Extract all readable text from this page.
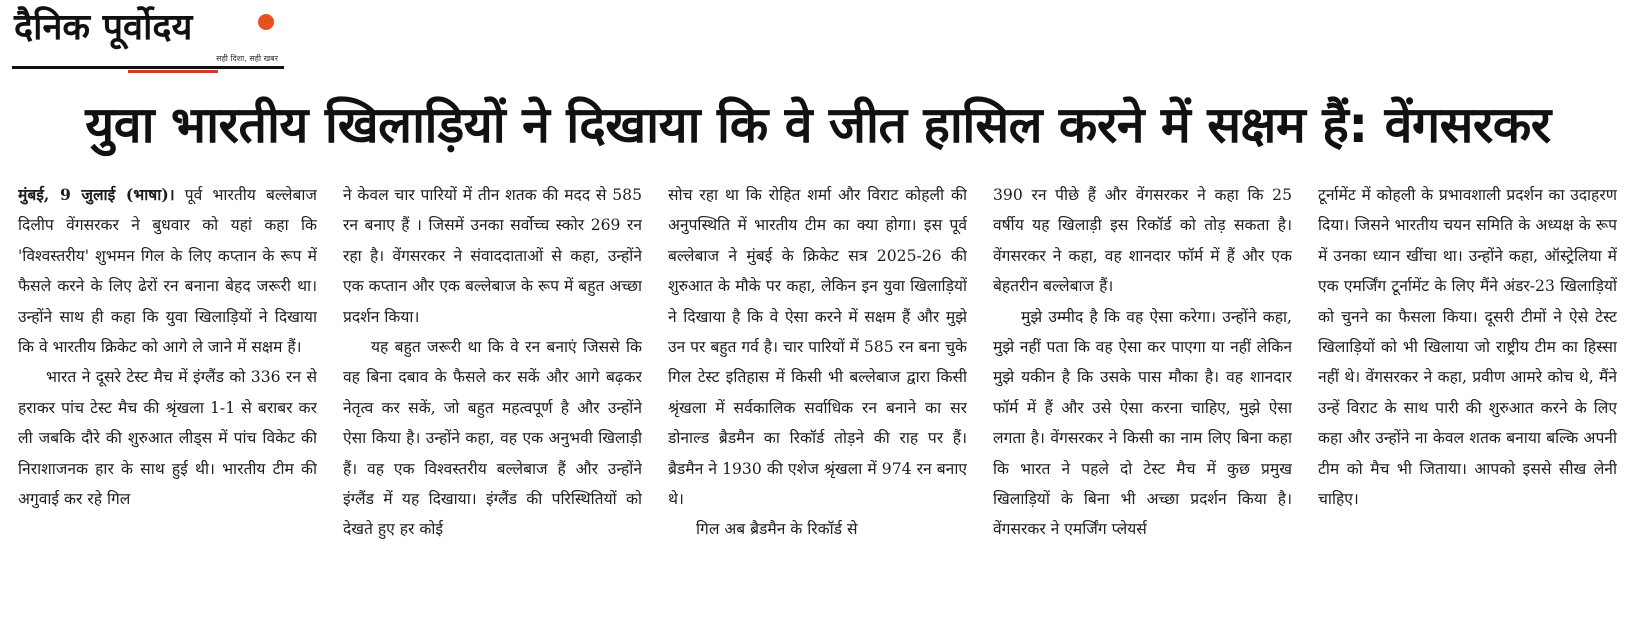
दैनिक पूर्वोदय
सही दिशा, सही खबर
युवा भारतीय खिलाड़ियों ने दिखाया कि वे जीत हासिल करने में सक्षम हैं: वेंगसरकर

मुंबई, 9 जुलाई (भाषा)। पूर्व भारतीय बल्लेबाज दिलीप वेंगसरकर ने बुधवार को यहां कहा कि 'विश्वस्तरीय' शुभमन गिल के लिए कप्तान के रूप में फैसले करने के लिए ढेरों रन बनाना बेहद जरूरी था। उन्होंने साथ ही कहा कि युवा खिलाड़ियों ने दिखाया कि वे भारतीय क्रिकेट को आगे ले जाने में सक्षम हैं।

भारत ने दूसरे टेस्ट मैच में इंग्लैंड को 336 रन से हराकर पांच टेस्ट मैच की श्रृंखला 1-1 से बराबर कर ली जबकि दौरे की शुरुआत लीड्स में पांच विकेट की निराशाजनक हार के साथ हुई थी। भारतीय टीम की अगुवाई कर रहे गिल

ने केवल चार पारियों में तीन शतक की मदद से 585 रन बनाए हैं । जिसमें उनका सर्वोच्च स्कोर 269 रन रहा है। वेंगसरकर ने संवाददाताओं से कहा, उन्होंने एक कप्तान और एक बल्लेबाज के रूप में बहुत अच्छा प्रदर्शन किया।

यह बहुत जरूरी था कि वे रन बनाएं जिससे कि वह बिना दबाव के फैसले कर सकें और आगे बढ़कर नेतृत्व कर सकें, जो बहुत महत्वपूर्ण है और उन्होंने ऐसा किया है। उन्होंने कहा, वह एक अनुभवी खिलाड़ी हैं। वह एक विश्वस्तरीय बल्लेबाज हैं और उन्होंने इंग्लैंड में यह दिखाया। इंग्लैंड की परिस्थितियों को देखते हुए हर कोई

सोच रहा था कि रोहित शर्मा और विराट कोहली की अनुपस्थिति में भारतीय टीम का क्या होगा। इस पूर्व बल्लेबाज ने मुंबई के क्रिकेट सत्र 2025-26 की शुरुआत के मौके पर कहा, लेकिन इन युवा खिलाड़ियों ने दिखाया है कि वे ऐसा करने में सक्षम हैं और मुझे उन पर बहुत गर्व है। चार पारियों में 585 रन बना चुके गिल टेस्ट इतिहास में किसी भी बल्लेबाज द्वारा किसी श्रृंखला में सर्वकालिक सर्वाधिक रन बनाने का सर डोनाल्ड ब्रैडमैन का रिकॉर्ड तोड़ने की राह पर हैं। ब्रैडमैन ने 1930 की एशेज श्रृंखला में 974 रन बनाए थे।

गिल अब ब्रैडमैन के रिकॉर्ड से

390 रन पीछे हैं और वेंगसरकर ने कहा कि 25 वर्षीय यह खिलाड़ी इस रिकॉर्ड को तोड़ सकता है। वेंगसरकर ने कहा, वह शानदार फॉर्म में हैं और एक बेहतरीन बल्लेबाज हैं।

मुझे उम्मीद है कि वह ऐसा करेगा। उन्होंने कहा, मुझे नहीं पता कि वह ऐसा कर पाएगा या नहीं लेकिन मुझे यकीन है कि उसके पास मौका है। वह शानदार फॉर्म में हैं और उसे ऐसा करना चाहिए, मुझे ऐसा लगता है। वेंगसरकर ने किसी का नाम लिए बिना कहा कि भारत ने पहले दो टेस्ट मैच में कुछ प्रमुख खिलाड़ियों के बिना भी अच्छा प्रदर्शन किया है। वेंगसरकर ने एमर्जिंग प्लेयर्स

टूर्नामेंट में कोहली के प्रभावशाली प्रदर्शन का उदाहरण दिया। जिसने भारतीय चयन समिति के अध्यक्ष के रूप में उनका ध्यान खींचा था। उन्होंने कहा, ऑस्ट्रेलिया में एक एमर्जिंग टूर्नामेंट के लिए मैंने अंडर-23 खिलाड़ियों को चुनने का फैसला किया। दूसरी टीमों ने ऐसे टेस्ट खिलाड़ियों को भी खिलाया जो राष्ट्रीय टीम का हिस्सा नहीं थे। वेंगसरकर ने कहा, प्रवीण आमरे कोच थे, मैंने उन्हें विराट के साथ पारी की शुरुआत करने के लिए कहा और उन्होंने ना केवल शतक बनाया बल्कि अपनी टीम को मैच भी जिताया। आपको इससे सीख लेनी चाहिए।
